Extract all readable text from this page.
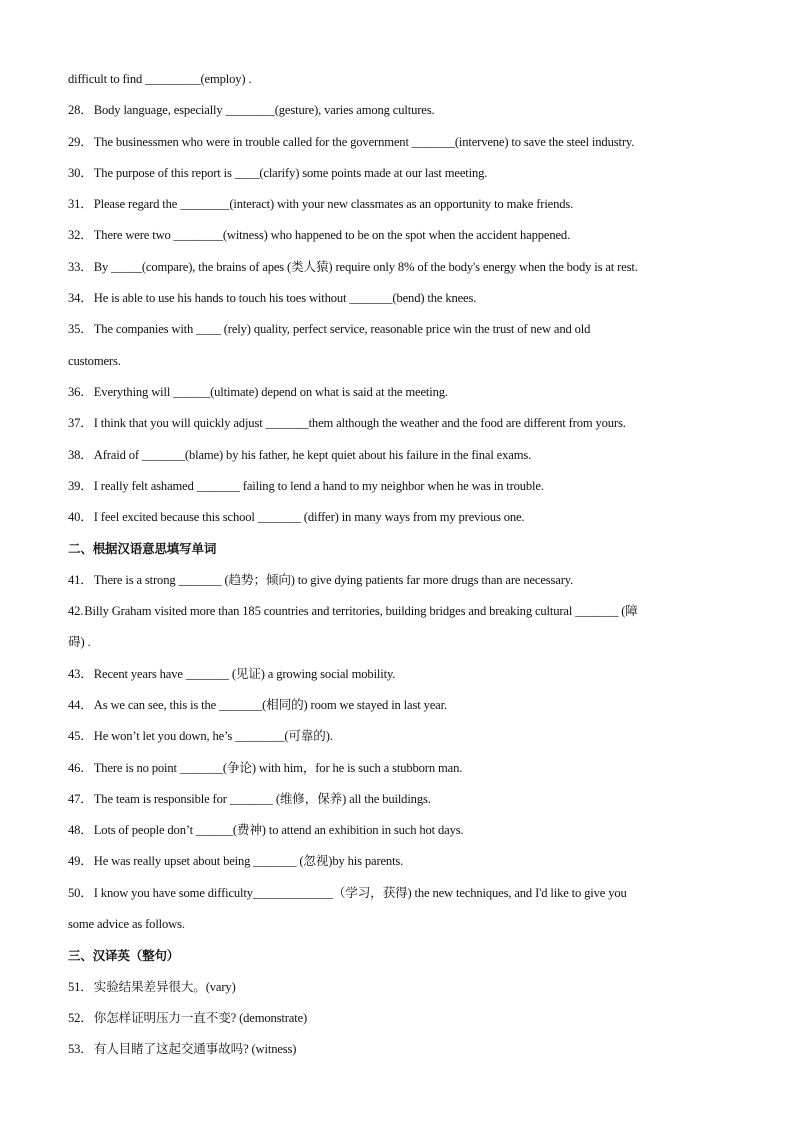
difficult to find _________(employ) .
28．Body language, especially ________(gesture), varies among cultures.
29．The businessmen who were in trouble called for the government _______(intervene) to save the steel industry.
30．The purpose of this report is ____(clarify) some points made at our last meeting.
31．Please regard the ________(interact) with your new classmates as an opportunity to make friends.
32．There were two ________(witness) who happened to be on the spot when the accident happened.
33．By _____(compare), the brains of apes (类人猿) require only 8% of the body's energy when the body is at rest.
34．He is able to use his hands to touch his toes without _______(bend) the knees.
35．The companies with ____ (rely) quality, perfect service, reasonable price win the trust of new and old
customers.
36．Everything will ______(ultimate) depend on what is said at the meeting.
37．I think that you will quickly adjust _______them although the weather and the food are different from yours.
38．Afraid of _______(blame) by his father, he kept quiet about his failure in the final exams.
39．I really felt ashamed _______ failing to lend a hand to my neighbor when he was in trouble.
40．I feel excited because this school _______ (differ) in many ways from my previous one.
二、根据汉语意思填写单词
41．There is a strong _______ (趋势；倾向) to give dying patients far more drugs than are necessary.
42.Billy Graham visited more than 185 countries and territories, building bridges and breaking cultural _______ (障
碍) .
43．Recent years have _______ (见证) a growing social mobility.
44．As we can see, this is the _______(相同的) room we stayed in last year.
45．He won’t let you down, he’s ________(可靠的).
46．There is no point _______(争论) with him，for he is such a stubborn man.
47．The team is responsible for _______ (维修，保养) all the buildings.
48．Lots of people don’t ______(费神) to attend an exhibition in such hot days.
49．He was really upset about being _______ (忽视)by his parents.
50．I know you have some difficulty_____________（学习，获得) the new techniques, and I'd like to give you
some advice as follows.
三、汉译英（整句）
51．实验结果差异很大。(vary)
52．你怎样证明压力一直不变? (demonstrate)
53．有人目睹了这起交通事故吗? (witness)
